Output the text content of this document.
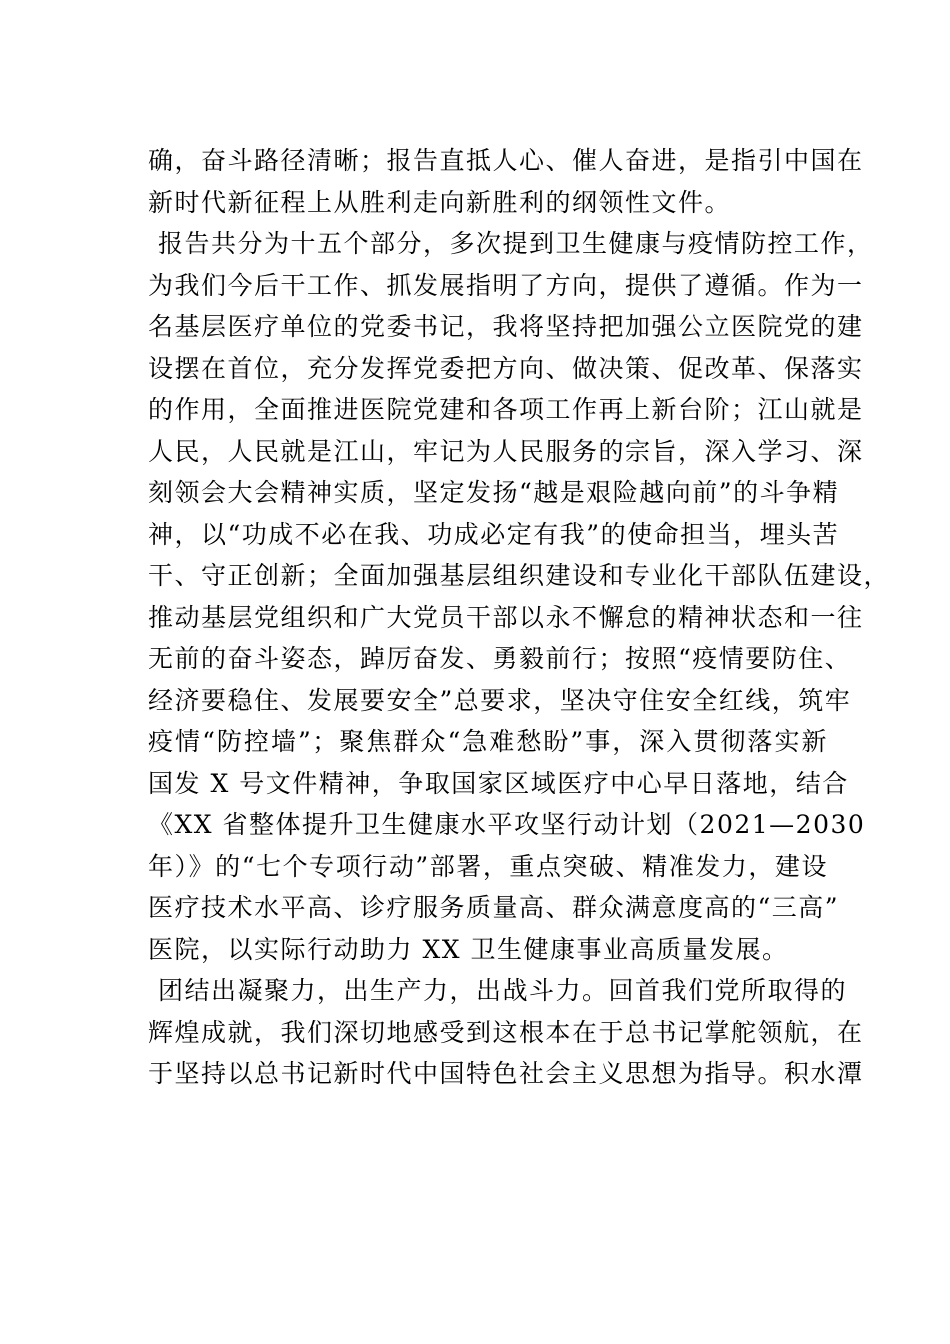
确，奋斗路径清晰；报告直抵人心、催人奋进，是指引中国在
新时代新征程上从胜利走向新胜利的纲领性文件。
报告共分为十五个部分，多次提到卫生健康与疫情防控工作，
为我们今后干工作、抓发展指明了方向，提供了遵循。作为一
名基层医疗单位的党委书记，我将坚持把加强公立医院党的建
设摆在首位，充分发挥党委把方向、做决策、促改革、保落实
的作用，全面推进医院党建和各项工作再上新台阶；江山就是
人民，人民就是江山，牢记为人民服务的宗旨，深入学习、深
刻领会大会精神实质，坚定发扬“越是艰险越向前”的斗争精
神，以“功成不必在我、功成必定有我”的使命担当，埋头苦
干、守正创新；全面加强基层组织建设和专业化干部队伍建设，
推动基层党组织和广大党员干部以永不懈怠的精神状态和一往
无前的奋斗姿态，踔厉奋发、勇毅前行；按照“疫情要防住、
经济要稳住、发展要安全”总要求，坚决守住安全红线，筑牢
疫情“防控墙”；聚焦群众“急难愁盼”事，深入贯彻落实新
国发 X 号文件精神，争取国家区域医疗中心早日落地，结合
《XX 省整体提升卫生健康水平攻坚行动计划（2021—2030
年）》的“七个专项行动”部署，重点突破、精准发力，建设
医疗技术水平高、诊疗服务质量高、群众满意度高的“三高”
医院，以实际行动助力 XX 卫生健康事业高质量发展。
团结出凝聚力，出生产力，出战斗力。回首我们党所取得的
辉煌成就，我们深切地感受到这根本在于总书记掌舵领航，在
于坚持以总书记新时代中国特色社会主义思想为指导。积水潭
